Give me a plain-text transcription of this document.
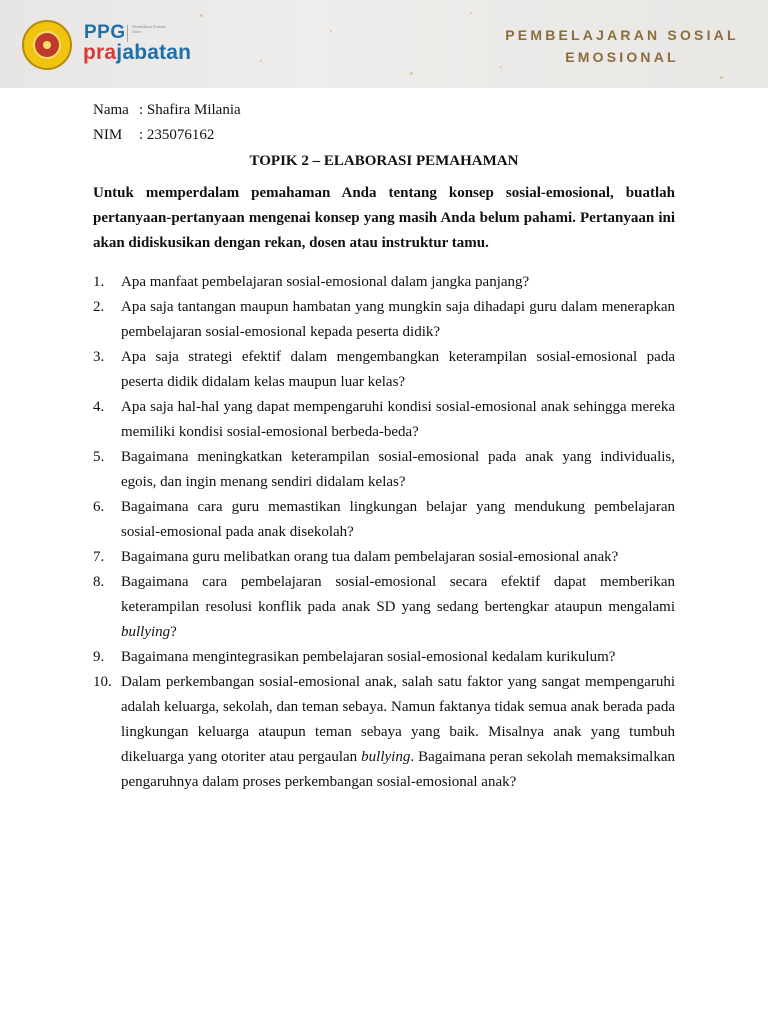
PPG Pendidikan Profesi Guru
prajabatan
PEMBELAJARAN SOSIAL
EMOSIONAL
Nama : Shafira Milania
NIM : 235076162
TOPIK 2 – ELABORASI PEMAHAMAN
Untuk memperdalam pemahaman Anda tentang konsep sosial-emosional, buatlah pertanyaan-pertanyaan mengenai konsep yang masih Anda belum pahami. Pertanyaan ini akan didiskusikan dengan rekan, dosen atau instruktur tamu.
1. Apa manfaat pembelajaran sosial-emosional dalam jangka panjang?
2. Apa saja tantangan maupun hambatan yang mungkin saja dihadapi guru dalam menerapkan pembelajaran sosial-emosional kepada peserta didik?
3. Apa saja strategi efektif dalam mengembangkan keterampilan sosial-emosional pada peserta didik didalam kelas maupun luar kelas?
4. Apa saja hal-hal yang dapat mempengaruhi kondisi sosial-emosional anak sehingga mereka memiliki kondisi sosial-emosional berbeda-beda?
5. Bagaimana meningkatkan keterampilan sosial-emosional pada anak yang individualis, egois, dan ingin menang sendiri didalam kelas?
6. Bagaimana cara guru memastikan lingkungan belajar yang mendukung pembelajaran sosial-emosional pada anak disekolah?
7. Bagaimana guru melibatkan orang tua dalam pembelajaran sosial-emosional anak?
8. Bagaimana cara pembelajaran sosial-emosional secara efektif dapat memberikan keterampilan resolusi konflik pada anak SD yang sedang bertengkar ataupun mengalami bullying?
9. Bagaimana mengintegrasikan pembelajaran sosial-emosional kedalam kurikulum?
10. Dalam perkembangan sosial-emosional anak, salah satu faktor yang sangat mempengaruhi adalah keluarga, sekolah, dan teman sebaya. Namun faktanya tidak semua anak berada pada lingkungan keluarga ataupun teman sebaya yang baik. Misalnya anak yang tumbuh dikeluarga yang otoriter atau pergaulan bullying. Bagaimana peran sekolah memaksimalkan pengaruhnya dalam proses perkembangan sosial-emosional anak?
